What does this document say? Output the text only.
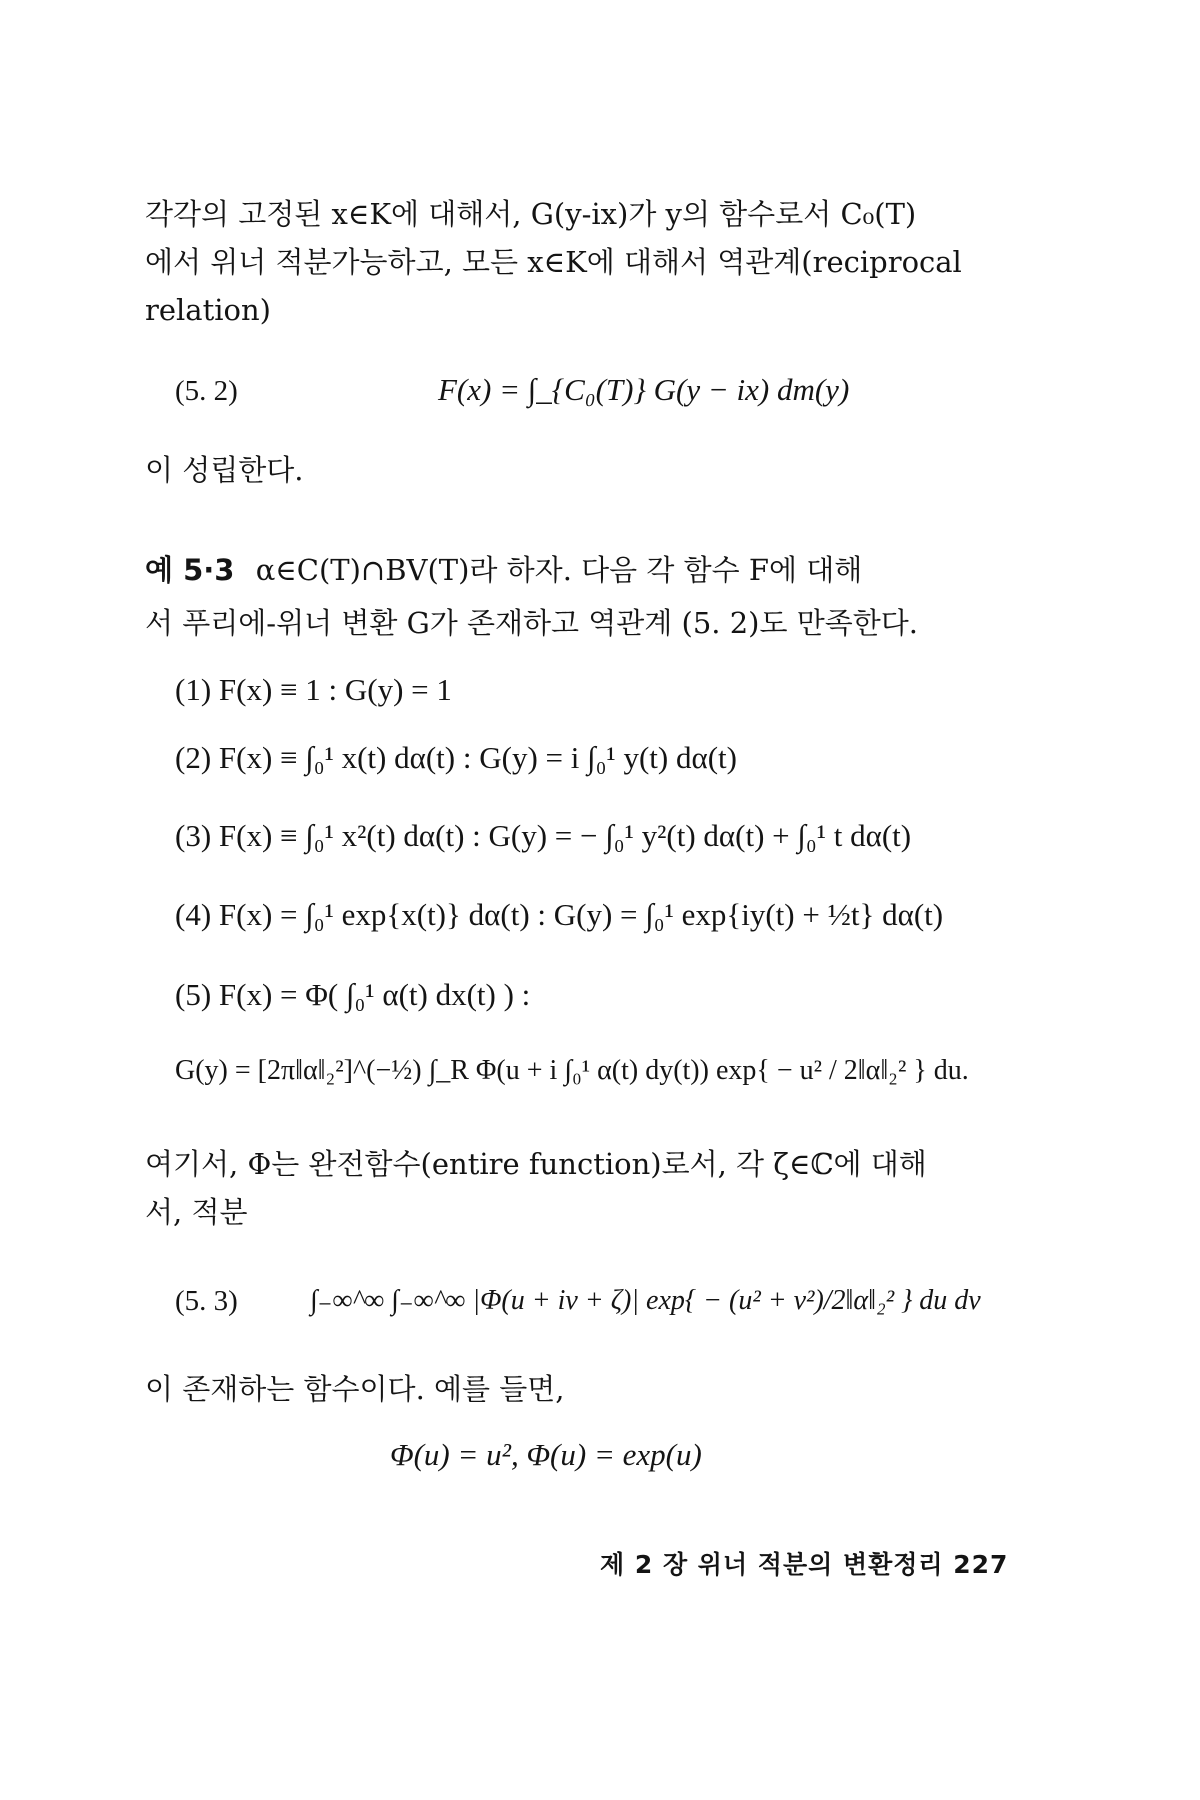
각각의 고정된 x∈K에 대해서, G(y-ix)가 y의 함수로서 C₀(T)
에서 위너 적분가능하고, 모든 x∈K에 대해서 역관계(reciprocal
relation)
(5. 2)	F(x) = ∫_{C₀(T)} G(y − ix) dm(y)
이 성립한다.
예 5·3 α∈C(T)∩BV(T)라 하자. 다음 각 함수 F에 대해
서 푸리에-위너 변환 G가 존재하고 역관계 (5. 2)도 만족한다.
(1) F(x) ≡ 1 : G(y) = 1
(2) F(x) ≡ ∫₀¹ x(t) dα(t) : G(y) = i ∫₀¹ y(t) dα(t)
(3) F(x) ≡ ∫₀¹ x²(t) dα(t) : G(y) = − ∫₀¹ y²(t) dα(t) + ∫₀¹ t dα(t)
(4) F(x) = ∫₀¹ exp{x(t)} dα(t) : G(y) = ∫₀¹ exp{iy(t) + ½t} dα(t)
(5) F(x) = Φ( ∫₀¹ α(t) dx(t) ) :
G(y) = [2π‖α‖₂²]^(−½) ∫_R Φ(u + i ∫₀¹ α(t) dy(t)) exp{ − u² / 2‖α‖₂² } du.
여기서, Φ는 완전함수(entire function)로서, 각 ζ∈ℂ에 대해
서, 적분
(5. 3)	∫₋∞^∞ ∫₋∞^∞ |Φ(u + iv + ζ)| exp{ − (u² + v²)/2‖α‖₂² } du dv
이 존재하는 함수이다. 예를 들면,
Φ(u) = u², Φ(u) = exp(u)
제 2 장 위너 적분의 변환정리 227
